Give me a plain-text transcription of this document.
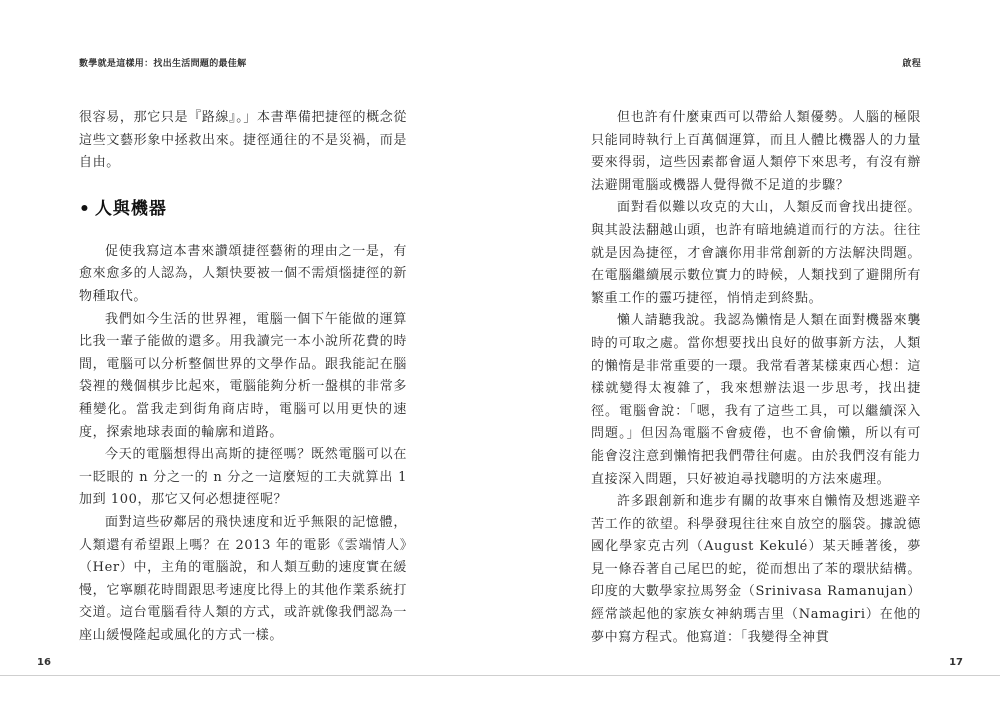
數學就是這樣用：找出生活問題的最佳解

很容易，那它只是『路線』。」本書準備把捷徑的概念從這些文藝形象中拯救出來。捷徑通往的不是災禍，而是自由。

• 人與機器

促使我寫這本書來讚頌捷徑藝術的理由之一是，有愈來愈多的人認為，人類快要被一個不需煩惱捷徑的新物種取代。

我們如今生活的世界裡，電腦一個下午能做的運算比我一輩子能做的還多。用我讀完一本小說所花費的時間，電腦可以分析整個世界的文學作品。跟我能記在腦袋裡的幾個棋步比起來，電腦能夠分析一盤棋的非常多種變化。當我走到街角商店時，電腦可以用更快的速度，探索地球表面的輪廓和道路。

今天的電腦想得出高斯的捷徑嗎？既然電腦可以在一眨眼的 n 分之一的 n 分之一這麼短的工夫就算出 1 加到 100，那它又何必想捷徑呢？

面對這些矽鄰居的飛快速度和近乎無限的記憶體，人類還有希望跟上嗎？在 2013 年的電影《雲端情人》（Her）中，主角的電腦說，和人類互動的速度實在緩慢，它寧願花時間跟思考速度比得上的其他作業系統打交道。這台電腦看待人類的方式，或許就像我們認為一座山緩慢隆起或風化的方式一樣。

16
啟程

但也許有什麼東西可以帶給人類優勢。人腦的極限只能同時執行上百萬個運算，而且人體比機器人的力量要來得弱，這些因素都會逼人類停下來思考，有沒有辦法避開電腦或機器人覺得微不足道的步驟？

面對看似難以攻克的大山，人類反而會找出捷徑。與其設法翻越山頭，也許有暗地繞道而行的方法。往往就是因為捷徑，才會讓你用非常創新的方法解決問題。在電腦繼續展示數位實力的時候，人類找到了避開所有繁重工作的靈巧捷徑，悄悄走到終點。

懶人請聽我說。我認為懶惰是人類在面對機器來襲時的可取之處。當你想要找出良好的做事新方法，人類的懶惰是非常重要的一環。我常看著某樣東西心想：這樣就變得太複雜了，我來想辦法退一步思考，找出捷徑。電腦會說：「嗯，我有了這些工具，可以繼續深入問題。」但因為電腦不會疲倦，也不會偷懶，所以有可能會沒注意到懶惰把我們帶往何處。由於我們沒有能力直接深入問題，只好被迫尋找聰明的方法來處理。

許多跟創新和進步有關的故事來自懶惰及想逃避辛苦工作的欲望。科學發現往往來自放空的腦袋。據說德國化學家克古列（August Kekulé）某天睡著後，夢見一條吞著自己尾巴的蛇，從而想出了苯的環狀結構。印度的大數學家拉馬努金（Srinivasa Ramanujan）經常談起他的家族女神納瑪吉里（Namagiri）在他的夢中寫方程式。他寫道：「我變得全神貫

17
